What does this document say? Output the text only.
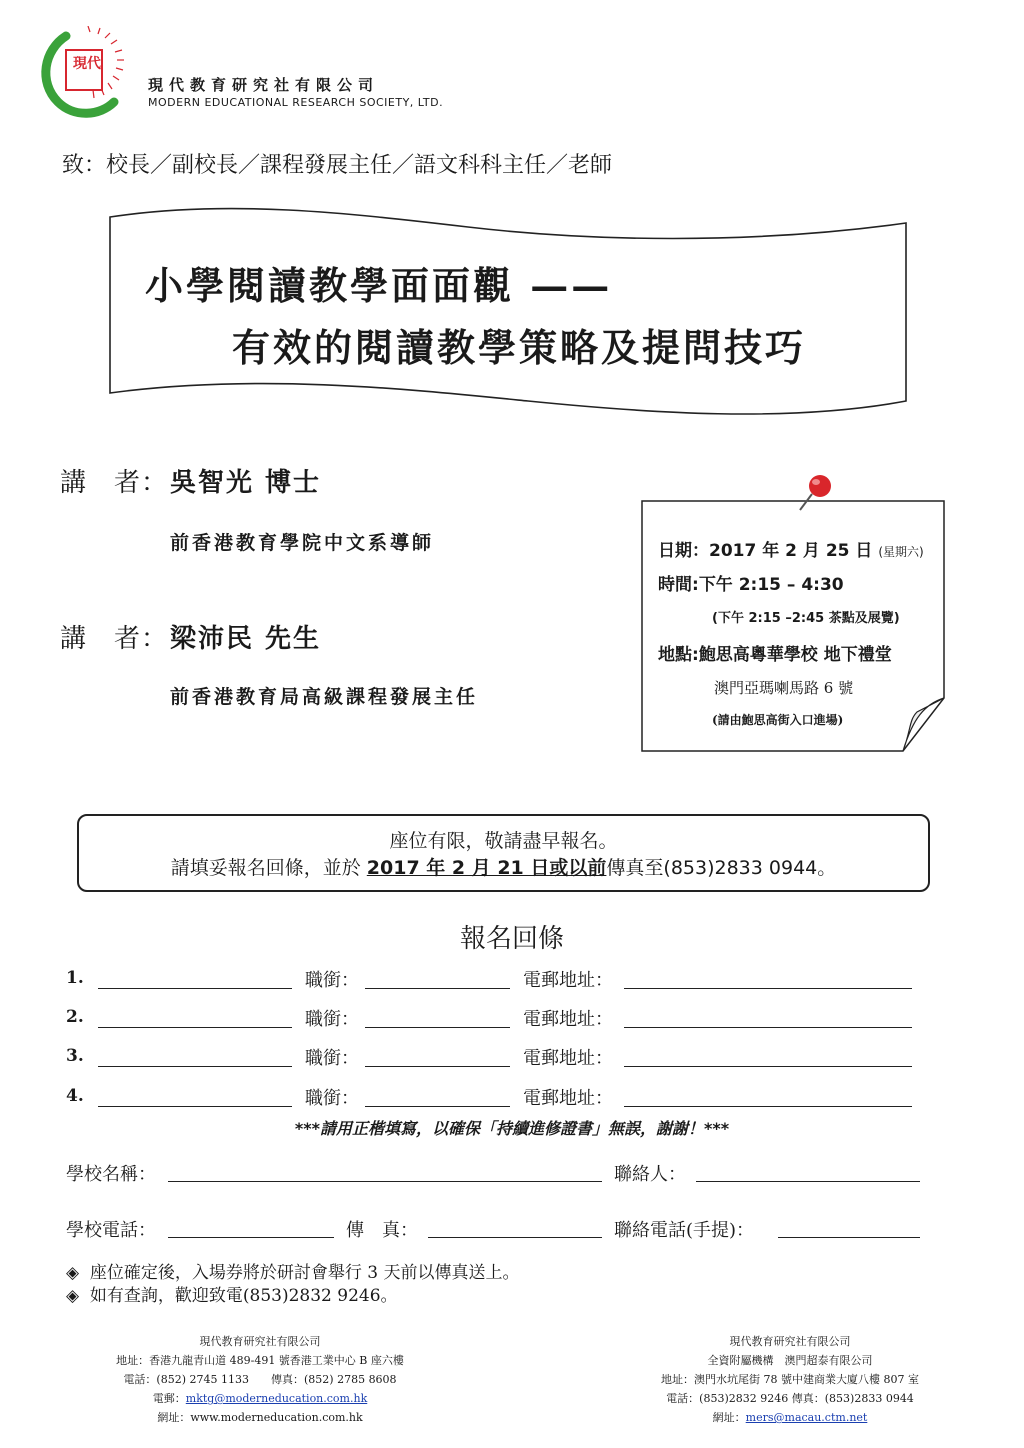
現代
現代教育研究社有限公司
MODERN EDUCATIONAL RESEARCH SOCIETY, LTD.
致：校長／副校長／課程發展主任／語文科科主任／老師
小學閱讀教學面面觀 ——
有效的閱讀教學策略及提問技巧
講　者： 吳智光 博士
前香港教育學院中文系導師
講　者： 梁沛民 先生
前香港教育局高級課程發展主任
日期：2017 年 2 月 25 日 (星期六)
時間:下午 2:15 – 4:30
(下午 2:15 –2:45 茶點及展覽)
地點:鮑思高粵華學校 地下禮堂
澳門亞瑪喇馬路 6 號
(請由鮑思高街入口進場)
座位有限，敬請盡早報名。
請填妥報名回條，並於 2017 年 2 月 21 日或以前傳真至(853)2833 0944。
報名回條
1.	職銜：	電郵地址：
2.	職銜：	電郵地址：
3.	職銜：	電郵地址：
4.	職銜：	電郵地址：
***請用正楷填寫，以確保「持續進修證書」無誤，謝謝！***
學校名稱：	聯絡人：
學校電話：	傳　真：	聯絡電話(手提)：
◈ 座位確定後，入場券將於研討會舉行 3 天前以傳真送上。
◈ 如有查詢，歡迎致電(853)2832 9246。
現代教育研究社有限公司
地址：香港九龍青山道 489-491 號香港工業中心 B 座六樓
電話：(852) 2745 1133　　傳真：(852) 2785 8608
電郵：mktg@moderneducation.com.hk
網址：www.moderneducation.com.hk
現代教育研究社有限公司
全資附屬機構　澳門超泰有限公司
地址：澳門水坑尾街 78 號中建商業大廈八樓 807 室
電話：(853)2832 9246 傳真：(853)2833 0944
網址：mers@macau.ctm.net
